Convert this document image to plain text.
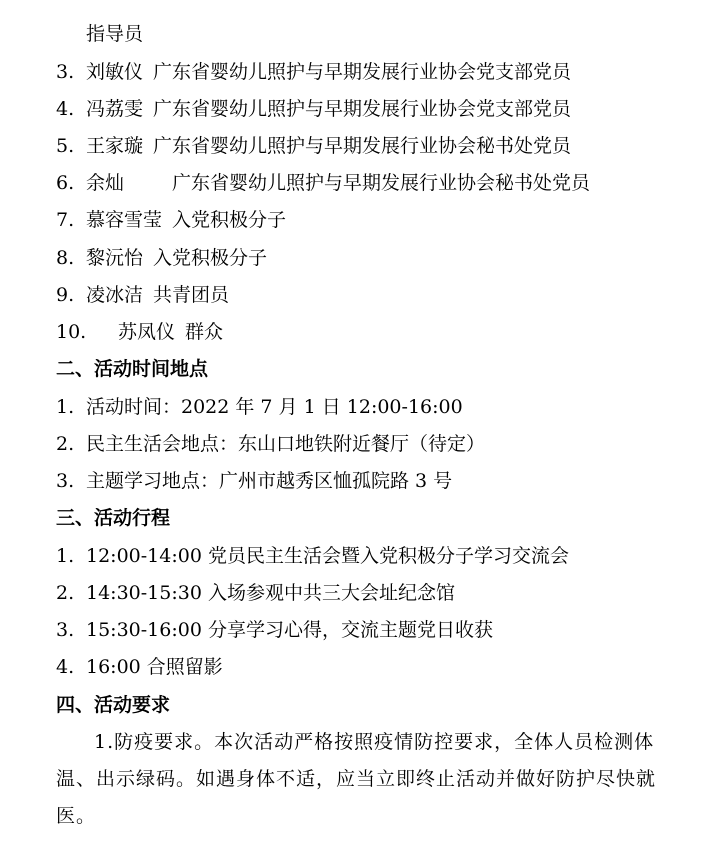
指导员
3. 刘敏仪 广东省婴幼儿照护与早期发展行业协会党支部党员
4. 冯荔雯 广东省婴幼儿照护与早期发展行业协会党支部党员
5. 王家璇 广东省婴幼儿照护与早期发展行业协会秘书处党员
6. 余灿	广东省婴幼儿照护与早期发展行业协会秘书处党员
7. 慕容雪莹 入党积极分子
8. 黎沅怡 入党积极分子
9. 凌冰洁 共青团员
10. 苏凤仪 群众
二、活动时间地点
1. 活动时间：2022 年 7 月 1 日 12:00-16:00
2. 民主生活会地点：东山口地铁附近餐厅（待定）
3. 主题学习地点：广州市越秀区恤孤院路 3 号
三、活动行程
1. 12:00-14:00 党员民主生活会暨入党积极分子学习交流会
2. 14:30-15:30 入场参观中共三大会址纪念馆
3. 15:30-16:00 分享学习心得，交流主题党日收获
4. 16:00 合照留影
四、活动要求
1.防疫要求。本次活动严格按照疫情防控要求，全体人员检测体温、出示绿码。如遇身体不适，应当立即终止活动并做好防护尽快就医。
